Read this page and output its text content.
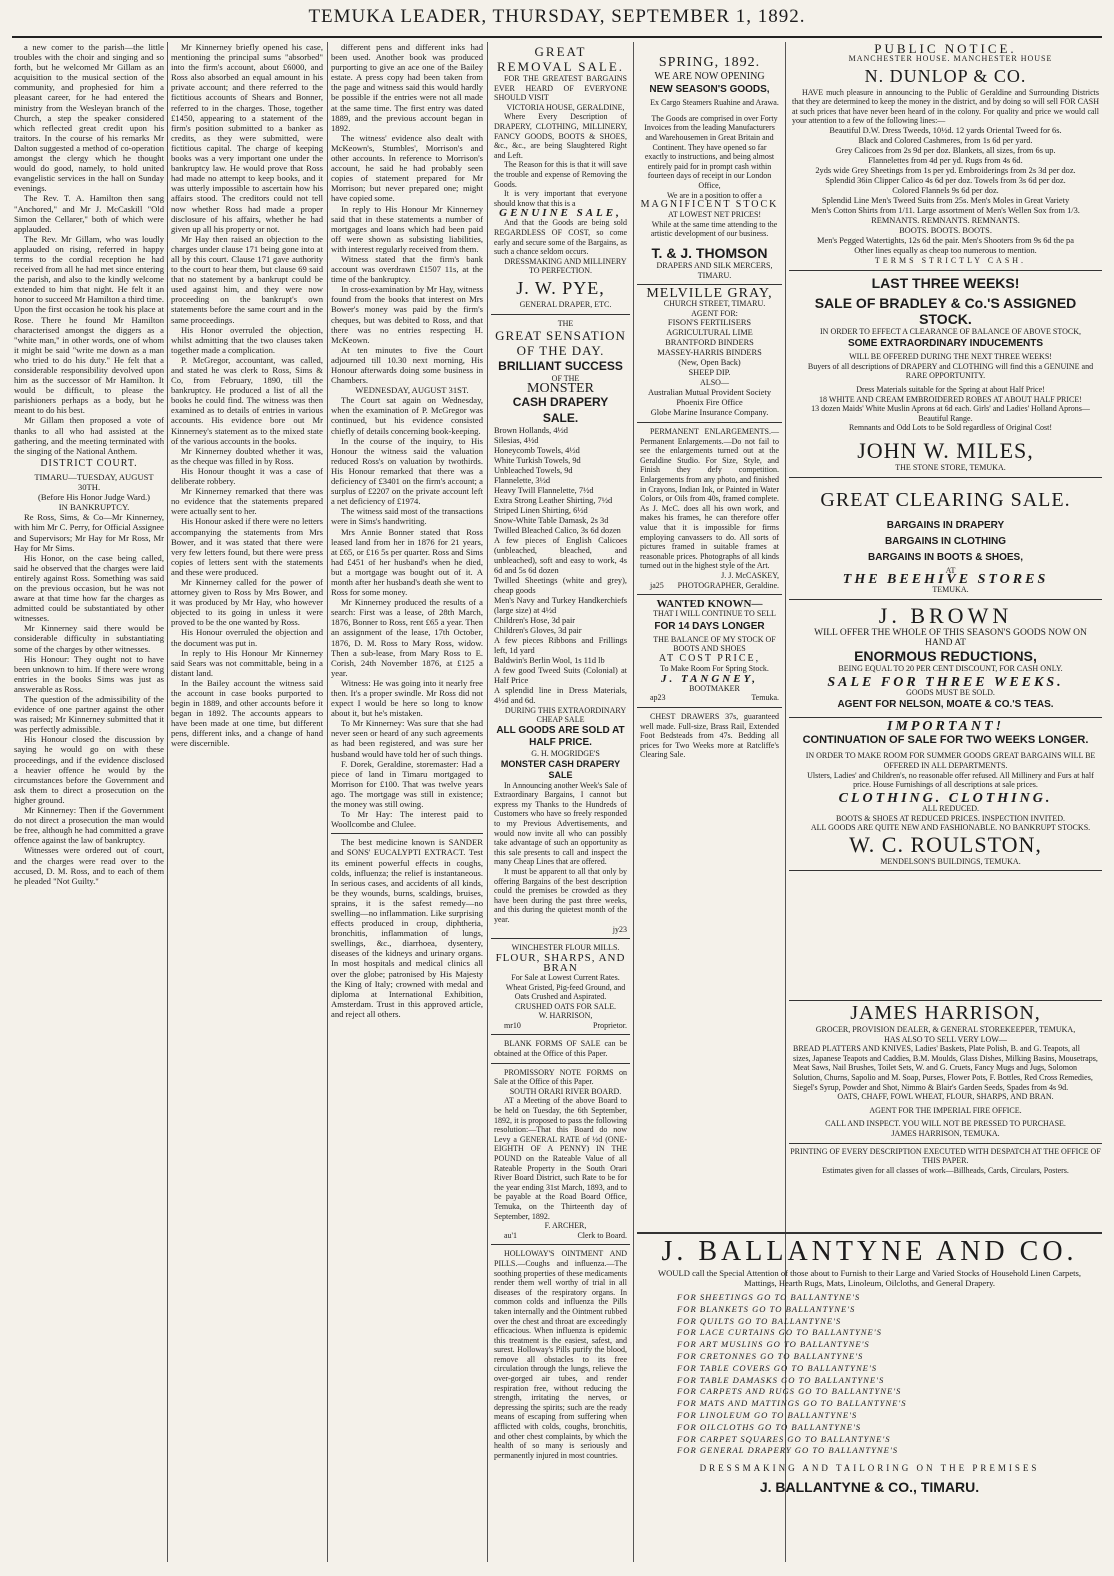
TEMUKA LEADER, THURSDAY, SEPTEMBER 1, 1892.

a new comer to the parish—the little troubles with the choir and singing and so forth, but he welcomed Mr Gillam as an acquisition to the musical section of the community, and prophesied for him a pleasant career, for he had entered the ministry from the Wesleyan branch of the Church, a step the speaker considered which reflected great credit upon his traitors. In the course of his remarks Mr Dalton suggested a method of co-operation amongst the clergy which he thought would do good, namely, to hold united evangelistic services in the hall on Sunday evenings.

The Rev. T. A. Hamilton then sang "Anchored," and Mr J. McCaskill "Old Simon the Cellarer," both of which were applauded.

The Rev. Mr Gillam, who was loudly applauded on rising, referred in happy terms to the cordial reception he had received from all he had met since entering the parish, and also to the kindly welcome extended to him that night. He felt it an honor to succeed Mr Hamilton a third time. Upon the first occasion he took his place at Rose. There he found Mr Hamilton characterised amongst the diggers as a "white man," in other words, one of whom it might be said "write me down as a man who tried to do his duty." He felt that a considerable responsibility devolved upon him as the successor of Mr Hamilton. It would be difficult, to please the parishioners perhaps as a body, but he meant to do his best.

Mr Gillam then proposed a vote of thanks to all who had assisted at the gathering, and the meeting terminated with the singing of the National Anthem.

DISTRICT COURT.

TIMARU—TUESDAY, AUGUST 30TH.

(Before His Honor Judge Ward.)

IN BANKRUPTCY.

Re Ross, Sims, & Co—Mr Kinnerney, with him Mr C. Perry, for Official Assignee and Supervisors; Mr Hay for Mr Ross, Mr Hay for Mr Sims.

His Honor, on the case being called, said he observed that the charges were laid entirely against Ross. Something was said on the previous occasion, but he was not aware at that time how far the charges as admitted could be substantiated by other witnesses.

Mr Kinnerney said there would be considerable difficulty in substantiating some of the charges by other witnesses.

His Honour: They ought not to have been unknown to him. If there were wrong entries in the books Sims was just as answerable as Ross.

The question of the admissibility of the evidence of one partner against the other was raised; Mr Kinnerney submitted that it was perfectly admissible.

His Honour closed the discussion by saying he would go on with these proceedings, and if the evidence disclosed a heavier offence he would by the circumstances before the Government and ask them to direct a prosecution on the higher ground.

Mr Kinnerney: Then if the Government do not direct a prosecution the man would be free, although he had committed a grave offence against the law of bankruptcy.

Witnesses were ordered out of court, and the charges were read over to the accused, D. M. Ross, and to each of them he pleaded "Not Guilty."

Mr Kinnerney briefly opened his case, mentioning the principal sums "absorbed" into the firm's account, about £6000, and Ross also absorbed an equal amount in his private account; and there referred to the fictitious accounts of Shears and Bonner, referred to in the charges. Those, together £1450, appearing to a statement of the firm's position submitted to a banker as credits, as they were submitted, were fictitious capital. The charge of keeping books was a very important one under the bankruptcy law. He would prove that Ross had made no attempt to keep books, and it was utterly impossible to ascertain how his affairs stood. The creditors could not tell now whether Ross had made a proper disclosure of his affairs, whether he had given up all his property or not.

Mr Hay then raised an objection to the charges under clause 171 being gone into at all by this court. Clause 171 gave authority to the court to hear them, but clause 69 said that no statement by a bankrupt could be used against him, and they were now proceeding on the bankrupt's own statements before the same court and in the same proceedings.

His Honor overruled the objection, whilst admitting that the two clauses taken together made a complication.

P. McGregor, accountant, was called, and stated he was clerk to Ross, Sims & Co, from February, 1890, till the bankruptcy. He produced a list of all the books he could find. The witness was then examined as to details of entries in various accounts. His evidence bore out Mr Kinnerney's statement as to the mixed state of the various accounts in the books.

Mr Kinnerney doubted whether it was, as the cheque was filled in by Ross.

His Honour thought it was a case of deliberate robbery.

Mr Kinnerney remarked that there was no evidence that the statements prepared were actually sent to her.

His Honour asked if there were no letters accompanying the statements from Mrs Bower, and it was stated that there were very few letters found, but there were press copies of letters sent with the statements and these were produced.

Mr Kinnerney called for the power of attorney given to Ross by Mrs Bower, and it was produced by Mr Hay, who however objected to its going in unless it were proved to be the one wanted by Ross.

His Honour overruled the objection and the document was put in.

In reply to His Honour Mr Kinnerney said Sears was not committable, being in a distant land.

In the Bailey account the witness said the account in case books purported to begin in 1889, and other accounts before it began in 1892. The accounts appears to have been made at one time, but different pens, different inks, and a change of hand were discernible.

different pens and different inks had been used. Another book was produced purporting to give an ace one of the Bailey estate. A press copy had been taken from the page and witness said this would hardly be possible if the entries were not all made at the same time. The first entry was dated 1889, and the previous account began in 1892.

The witness' evidence also dealt with McKeown's, Stumbles', Morrison's and other accounts. In reference to Morrison's account, he said he had probably seen copies of statement prepared for Mr Morrison; but never prepared one; might have copied some.

In reply to His Honour Mr Kinnerney said that in these statements a number of mortgages and loans which had been paid off were shown as subsisting liabilities, with interest regularly received from them.

Witness stated that the firm's bank account was overdrawn £1507 11s, at the time of the bankruptcy.

In cross-examination by Mr Hay, witness found from the books that interest on Mrs Bower's money was paid by the firm's cheques, but was debited to Ross, and that there was no entries respecting H. McKeown.

At ten minutes to five the Court adjourned till 10.30 next morning, His Honour afterwards doing some business in Chambers.

WEDNESDAY, AUGUST 31ST.

The Court sat again on Wednesday, when the examination of P. McGregor was continued, but his evidence consisted chiefly of details concerning book-keeping.

In the course of the inquiry, to His Honour the witness said the valuation reduced Ross's on valuation by twothirds. His Honour remarked that there was a deficiency of £3401 on the firm's account; a surplus of £2207 on the private account left a net deficiency of £1974.

The witness said most of the transactions were in Sims's handwriting.

Mrs Annie Bonner stated that Ross leased land from her in 1876 for 21 years, at £65, or £16 5s per quarter. Ross and Sims had £451 of her husband's when he died, but a mortgage was bought out of it. A month after her husband's death she went to Ross for some money.

Mr Kinnerney produced the results of a search: First was a lease, of 28th March, 1876, Bonner to Ross, rent £65 a year. Then an assignment of the lease, 17th October, 1876, D. M. Ross to Mary Ross, widow. Then a sub-lease, from Mary Ross to E. Corish, 24th November 1876, at £125 a year.

Witness: He was going into it nearly free then. It's a proper swindle. Mr Ross did not expect I would be here so long to know about it, but he's mistaken.

To Mr Kinnerney: Was sure that she had never seen or heard of any such agreements as had been registered, and was sure her husband would have told her of such things.

F. Dorek, Geraldine, storemaster: Had a piece of land in Timaru mortgaged to Morrison for £100. That was twelve years ago. The mortgage was still in existence; the money was still owing.

To Mr Hay: The interest paid to Woollcombe and Clulee.

The best medicine known is SANDER and SONS' EUCALYPTI EXTRACT. Test its eminent powerful effects in coughs, colds, influenza; the relief is instantaneous. In serious cases, and accidents of all kinds, be they wounds, burns, scaldings, bruises, sprains, it is the safest remedy—no swelling—no inflammation. Like surprising effects produced in croup, diphtheria, bronchitis, inflammation of lungs, swellings, &c., diarrhoea, dysentery, diseases of the kidneys and urinary organs. In most hospitals and medical clinics all over the globe; patronised by His Majesty the King of Italy; crowned with medal and diploma at International Exhibition, Amsterdam. Trust in this approved article, and reject all others.

GREAT REMOVAL SALE.

FOR THE GREATEST BARGAINS EVER HEARD OF EVERYONE SHOULD VISIT

VICTORIA HOUSE, GERALDINE,

Where Every Description of DRAPERY, CLOTHING, MILLINERY, FANCY GOODS, BOOTS & SHOES, &c., &c., are being Slaughtered Right and Left.

The Reason for this is that it will save the trouble and expense of Removing the Goods.

It is very important that everyone should know that this is a

GENUINE SALE,

And that the Goods are being sold REGARDLESS OF COST, so come early and secure some of the Bargains, as such a chance seldom occurs.

DRESSMAKING AND MILLINERY TO PERFECTION.

J. W. PYE,

GENERAL DRAPER, ETC.

THE

GREAT SENSATION OF THE DAY.
BRILLIANT SUCCESS

OF THE

MONSTER
CASH DRAPERY SALE.
Brown Hollands, 4½d
Silesias, 4½d
Honeycomb Towels, 4½d
White Turkish Towels, 9d
Unbleached Towels, 9d
Flannelette, 3½d
Heavy Twill Flannelette, 7½d
Extra Strong Leather Shirting, 7½d
Striped Linen Shirting, 6½d
Snow-White Table Damask, 2s 3d
Twilled Bleached Calico, 3s 6d dozen
A few pieces of English Calicoes (unbleached, bleached, and unbleached), soft and easy to work, 4s 6d and 5s 6d dozen
Twilled Sheetings (white and grey), cheap goods
Men's Navy and Turkey Handkerchiefs (large size) at 4½d
Children's Hose, 3d pair
Children's Gloves, 3d pair
A few pieces Ribbons and Frillings left, 1d yard
Baldwin's Berlin Wool, 1s 11d lb
A few good Tweed Suits (Colonial) at Half Price
A splendid line in Dress Materials, 4½d and 6d.

DURING THIS EXTRAORDINARY CHEAP SALE

ALL GOODS ARE SOLD AT HALF PRICE.

G. H. MOGRIDGE'S

MONSTER CASH DRAPERY SALE

In Announcing another Week's Sale of Extraordinary Bargains, I cannot but express my Thanks to the Hundreds of Customers who have so freely responded to my Previous Advertisements, and would now invite all who can possibly take advantage of such an opportunity as this sale presents to call and inspect the many Cheap Lines that are offered.

It must be apparent to all that only by offering Bargains of the best description could the premises be crowded as they have been during the past three weeks, and this during the quietest month of the year.

jy23

WINCHESTER FLOUR MILLS.

FLOUR, SHARPS, AND BRAN

For Sale at Lowest Current Rates.

Wheat Gristed, Pig-feed Ground, and Oats Crushed and Aspirated.

CRUSHED OATS FOR SALE.

W. HARRISON,

mr10	Proprietor.

BLANK FORMS OF SALE can be obtained at the Office of this Paper.

PROMISSORY NOTE FORMS on Sale at the Office of this Paper.

SOUTH ORARI RIVER BOARD.

AT a Meeting of the above Board to be held on Tuesday, the 6th September, 1892, it is proposed to pass the following resolution:—That this Board do now Levy a GENERAL RATE of ½d (ONE-EIGHTH OF A PENNY) IN THE POUND on the Rateable Value of all Rateable Property in the South Orari River Board District, such Rate to be for the year ending 31st March, 1893, and to be payable at the Road Board Office, Temuka, on the Thirteenth day of September, 1892.

F. ARCHER,

au'1	Clerk to Board.

HOLLOWAY'S OINTMENT AND PILLS.—Coughs and influenza.—The soothing properties of these medicaments render them well worthy of trial in all diseases of the respiratory organs. In common colds and influenza the Pills taken internally and the Ointment rubbed over the chest and throat are exceedingly efficacious. When influenza is epidemic this treatment is the easiest, safest, and surest. Holloway's Pills purify the blood, remove all obstacles to its free circulation through the lungs, relieve the over-gorged air tubes, and render respiration free, without reducing the strength, irritating the nerves, or depressing the spirits; such are the ready means of escaping from suffering when afflicted with colds, coughs, bronchitis, and other chest complaints, by which the health of so many is seriously and permanently injured in most countries.

SPRING, 1892.
WE ARE NOW OPENING
NEW SEASON'S GOODS,

Ex Cargo Steamers Ruahine and Arawa.

The Goods are comprised in over Forty Invoices from the leading Manufacturers and Warehousemen in Great Britain and Continent. They have opened so far exactly to instructions, and being almost entirely paid for in prompt cash within fourteen days of receipt in our London Office,

We are in a position to offer a

MAGNIFICENT STOCK

AT LOWEST NET PRICES!

While at the same time attending to the artistic development of our business.

T. & J. THOMSON

DRAPERS AND SILK MERCERS,

TIMARU.

MELVILLE GRAY,

CHURCH STREET, TIMARU.

AGENT FOR:

FISON'S FERTILISERS
AGRICULTURAL LIME
BRANTFORD BINDERS
MASSEY-HARRIS BINDERS
(New, Open Back)
SHEEP DIP.

ALSO—

Australian Mutual Provident Society
Phoenix Fire Office
Globe Marine Insurance Company.

PERMANENT ENLARGEMENTS.—Permanent Enlargements.—Do not fail to see the enlargements turned out at the Geraldine Studio. For Size, Style, and Finish they defy competition. Enlargements from any photo, and finished in Crayons, Indian Ink, or Painted in Water Colors, or Oils from 40s, framed complete. As J. McC. does all his own work, and makes his frames, he can therefore offer value that it is impossible for firms employing canvassers to do. All sorts of pictures framed in suitable frames at reasonable prices. Photographs of all kinds turned out in the highest style of the Art.

J. J. McCASKEY,

ja25	PHOTOGRAPHER, Geraldine.

WANTED KNOWN—

THAT I WILL CONTINUE TO SELL

FOR 14 DAYS LONGER

THE BALANCE OF MY STOCK OF BOOTS AND SHOES

AT COST PRICE,

To Make Room For Spring Stock.

J. TANGNEY,

BOOTMAKER

ap23	Temuka.

CHEST DRAWERS 37s, guaranteed well made. Full-size, Brass Rail, Extended Foot Bedsteads from 47s. Bedding all prices for Two Weeks more at Ratcliffe's Clearing Sale.

PUBLIC NOTICE.

MANCHESTER HOUSE. MANCHESTER HOUSE

N. DUNLOP & CO.

HAVE much pleasure in announcing to the Public of Geraldine and Surrounding Districts that they are determined to keep the money in the district, and by doing so will sell FOR CASH at such prices that have never been heard of in the colony. For quality and price we would call your attention to a few of the following lines:—

Beautiful D.W. Dress Tweeds, 10½d. 12 yards Oriental Tweed for 6s.
Black and Colored Cashmeres, from 1s 6d per yard.
Grey Calicoes from 2s 9d per doz. Blankets, all sizes, from 6s up.
Flannelettes from 4d per yd. Rugs from 4s 6d.
2yds wide Grey Sheetings from 1s per yd. Embroiderings from 2s 3d per doz.
Splendid 36in Clipper Calico 4s 6d per doz. Towels from 3s 6d per doz.
Colored Flannels 9s 6d per doz.
Splendid Line Men's Tweed Suits from 25s. Men's Moles in Great Variety
Men's Cotton Shirts from 1/11. Large assortment of Men's Wellen Sox from 1/3.
REMNANTS. REMNANTS. REMNANTS.
BOOTS. BOOTS. BOOTS.
Men's Pegged Watertights, 12s 6d the pair. Men's Shooters from 9s 6d the pa
Other lines equally as cheap too numerous to mention.

TERMS STRICTLY CASH.

LAST THREE WEEKS!
SALE OF BRADLEY & Co.'S ASSIGNED STOCK.

IN ORDER TO EFFECT A CLEARANCE OF BALANCE OF ABOVE STOCK,

SOME EXTRAORDINARY INDUCEMENTS

WILL BE OFFERED DURING THE NEXT THREE WEEKS!

Buyers of all descriptions of DRAPERY and CLOTHING will find this a GENUINE and RARE OPPORTUNITY.

Dress Materials suitable for the Spring at about Half Price!

18 WHITE AND CREAM EMBROIDERED ROBES AT ABOUT HALF PRICE!

13 dozen Maids' White Muslin Aprons at 6d each. Girls' and Ladies' Holland Aprons—Beautiful Range.

Remnants and Odd Lots to be Sold regardless of Original Cost!

JOHN W. MILES,

THE STONE STORE, TEMUKA.

GREAT CLEARING SALE.
BARGAINS IN DRAPERY
BARGAINS IN CLOTHING
BARGAINS IN BOOTS & SHOES,

AT

THE BEEHIVE STORES

TEMUKA.

J. BROWN

WILL OFFER THE WHOLE OF THIS SEASON'S GOODS NOW ON HAND AT

ENORMOUS REDUCTIONS,

BEING EQUAL TO 20 PER CENT DISCOUNT, FOR CASH ONLY.

SALE FOR THREE WEEKS.

GOODS MUST BE SOLD.

AGENT FOR NELSON, MOATE & CO.'S TEAS.
IMPORTANT!
CONTINUATION OF SALE FOR TWO WEEKS LONGER.

IN ORDER TO MAKE ROOM FOR SUMMER GOODS GREAT BARGAINS WILL BE OFFERED IN ALL DEPARTMENTS.

Ulsters, Ladies' and Children's, no reasonable offer refused. All Millinery and Furs at half price. House Furnishings of all descriptions at sale prices.

CLOTHING. CLOTHING.

ALL REDUCED.

BOOTS & SHOES AT REDUCED PRICES. INSPECTION INVITED.

ALL GOODS ARE QUITE NEW AND FASHIONABLE. NO BANKRUPT STOCKS.

W. C. ROULSTON,

MENDELSON'S BUILDINGS, TEMUKA.

J. BALLANTYNE AND CO.

WOULD call the Special Attention of those about to Furnish to their Large and Varied Stocks of Household Linen Carpets, Mattings, Hearth Rugs, Mats, Linoleum, Oilcloths, and General Drapery.

FOR SHEETINGS GO TO BALLANTYNE'S
FOR BLANKETS GO TO BALLANTYNE'S
FOR QUILTS GO TO BALLANTYNE'S
FOR LACE CURTAINS GO TO BALLANTYNE'S
FOR ART MUSLINS GO TO BALLANTYNE'S
FOR CRETONNES GO TO BALLANTYNE'S
FOR TABLE COVERS GO TO BALLANTYNE'S
FOR TABLE DAMASKS GO TO BALLANTYNE'S
FOR CARPETS AND RUGS GO TO BALLANTYNE'S
FOR MATS AND MATTINGS GO TO BALLANTYNE'S
FOR LINOLEUM GO TO BALLANTYNE'S
FOR OILCLOTHS GO TO BALLANTYNE'S
FOR CARPET SQUARES GO TO BALLANTYNE'S
FOR GENERAL DRAPERY GO TO BALLANTYNE'S

DRESSMAKING AND TAILORING ON THE PREMISES

J. BALLANTYNE & CO., TIMARU.
JAMES HARRISON,

GROCER, PROVISION DEALER, & GENERAL STOREKEEPER, TEMUKA,

HAS ALSO TO SELL VERY LOW—

BREAD PLATTERS AND KNIVES, Ladies' Baskets, Plate Polish, B. and G. Teapots, all sizes, Japanese Teapots and Caddies, B.M. Moulds, Glass Dishes, Milking Basins, Mousetraps, Meat Saws, Nail Brushes, Toilet Sets, W. and G. Cruets, Fancy Mugs and Jugs, Solomon Solution, Churns, Sapolio and M. Soap, Purses, Flower Pots, F. Bottles, Red Cross Remedies, Siegel's Syrup, Powder and Shot, Nimmo & Blair's Garden Seeds, Spades from 4s 9d.

OATS, CHAFF, FOWL WHEAT, FLOUR, SHARPS, AND BRAN.

AGENT FOR THE IMPERIAL FIRE OFFICE.

CALL AND INSPECT. YOU WILL NOT BE PRESSED TO PURCHASE.

JAMES HARRISON, TEMUKA.

PRINTING OF EVERY DESCRIPTION EXECUTED WITH DESPATCH AT THE OFFICE OF THIS PAPER.

Estimates given for all classes of work—Billheads, Cards, Circulars, Posters.
